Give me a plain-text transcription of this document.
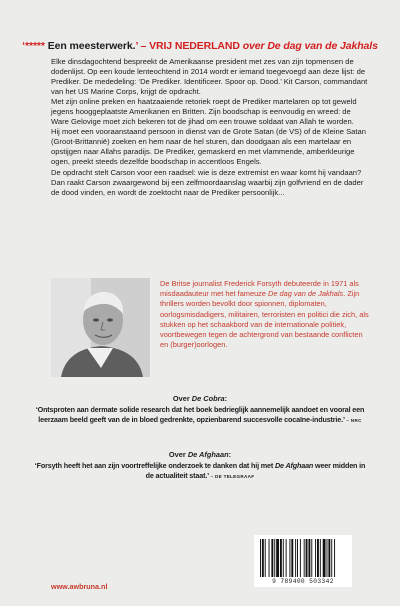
‘***** Een meesterwerk.’ – VRIJ NEDERLAND over De dag van de Jakhals

Elke dinsdagochtend bespreekt de Amerikaanse president met zes van zijn topmensen de dodenlijst. Op een koude lenteochtend in 2014 wordt er iemand toegevoegd aan deze lijst: de Prediker. De mededeling: ‘De Prediker. Identificeer. Spoor op. Dood.’ Kit Carson, commandant van het US Marine Corps, krijgt de opdracht.

Met zijn online preken en haatzaaiende retoriek roept de Prediker martelaren op tot geweld jegens hooggeplaatste Amerikanen en Britten. Zijn boodschap is eenvoudig en wreed: de Ware Gelovige moet zich bekeren tot de jihad om een trouwe soldaat van Allah te worden.

Hij moet een vooraanstaand persoon in dienst van de Grote Satan (de VS) of de Kleine Satan (Groot-Brittannië) zoeken en hem naar de hel sturen, dan doodgaan als een martelaar en opstijgen naar Allahs paradijs. De Prediker, gemaskerd en met vlammende, amberkleurige ogen, preekt steeds dezelfde boodschap in accentloos Engels.

De opdracht stelt Carson voor een raadsel: wie is deze extremist en waar komt hij vandaan?

Dan raakt Carson zwaargewond bij een zelfmoordaanslag waarbij zijn golfvriend en de dader de dood vinden, en wordt de zoektocht naar de Prediker persoonlijk...

De Britse journalist Frederick Forsyth debuteerde in 1971 als misdaadauteur met het fameuze De dag van de Jakhals. Zijn thrillers worden bevolkt door spionnen, diplomaten, oorlogsmisdadigers, militairen, terroristen en politici die zich, als stukken op het schaakbord van de internationale politiek, voortbewegen tegen de achtergrond van bestaande conflicten en (burger)oorlogen.
Over De Cobra:
‘Ontsproten aan dermate solide research dat het boek bedrieglijk aannemelijk aandoet en vooral een leerzaam beeld geeft van de in bloed gedrenkte, opzienbarend succesvolle cocaïne-industrie.’ – NRC
Over De Afghaan:
‘Forsyth heeft het aan zijn voortreffelijke onderzoek te danken dat hij met De Afghaan weer midden in de actualiteit staat.’ – DE TELEGRAAF
9 789400 503342
www.awbruna.nl
